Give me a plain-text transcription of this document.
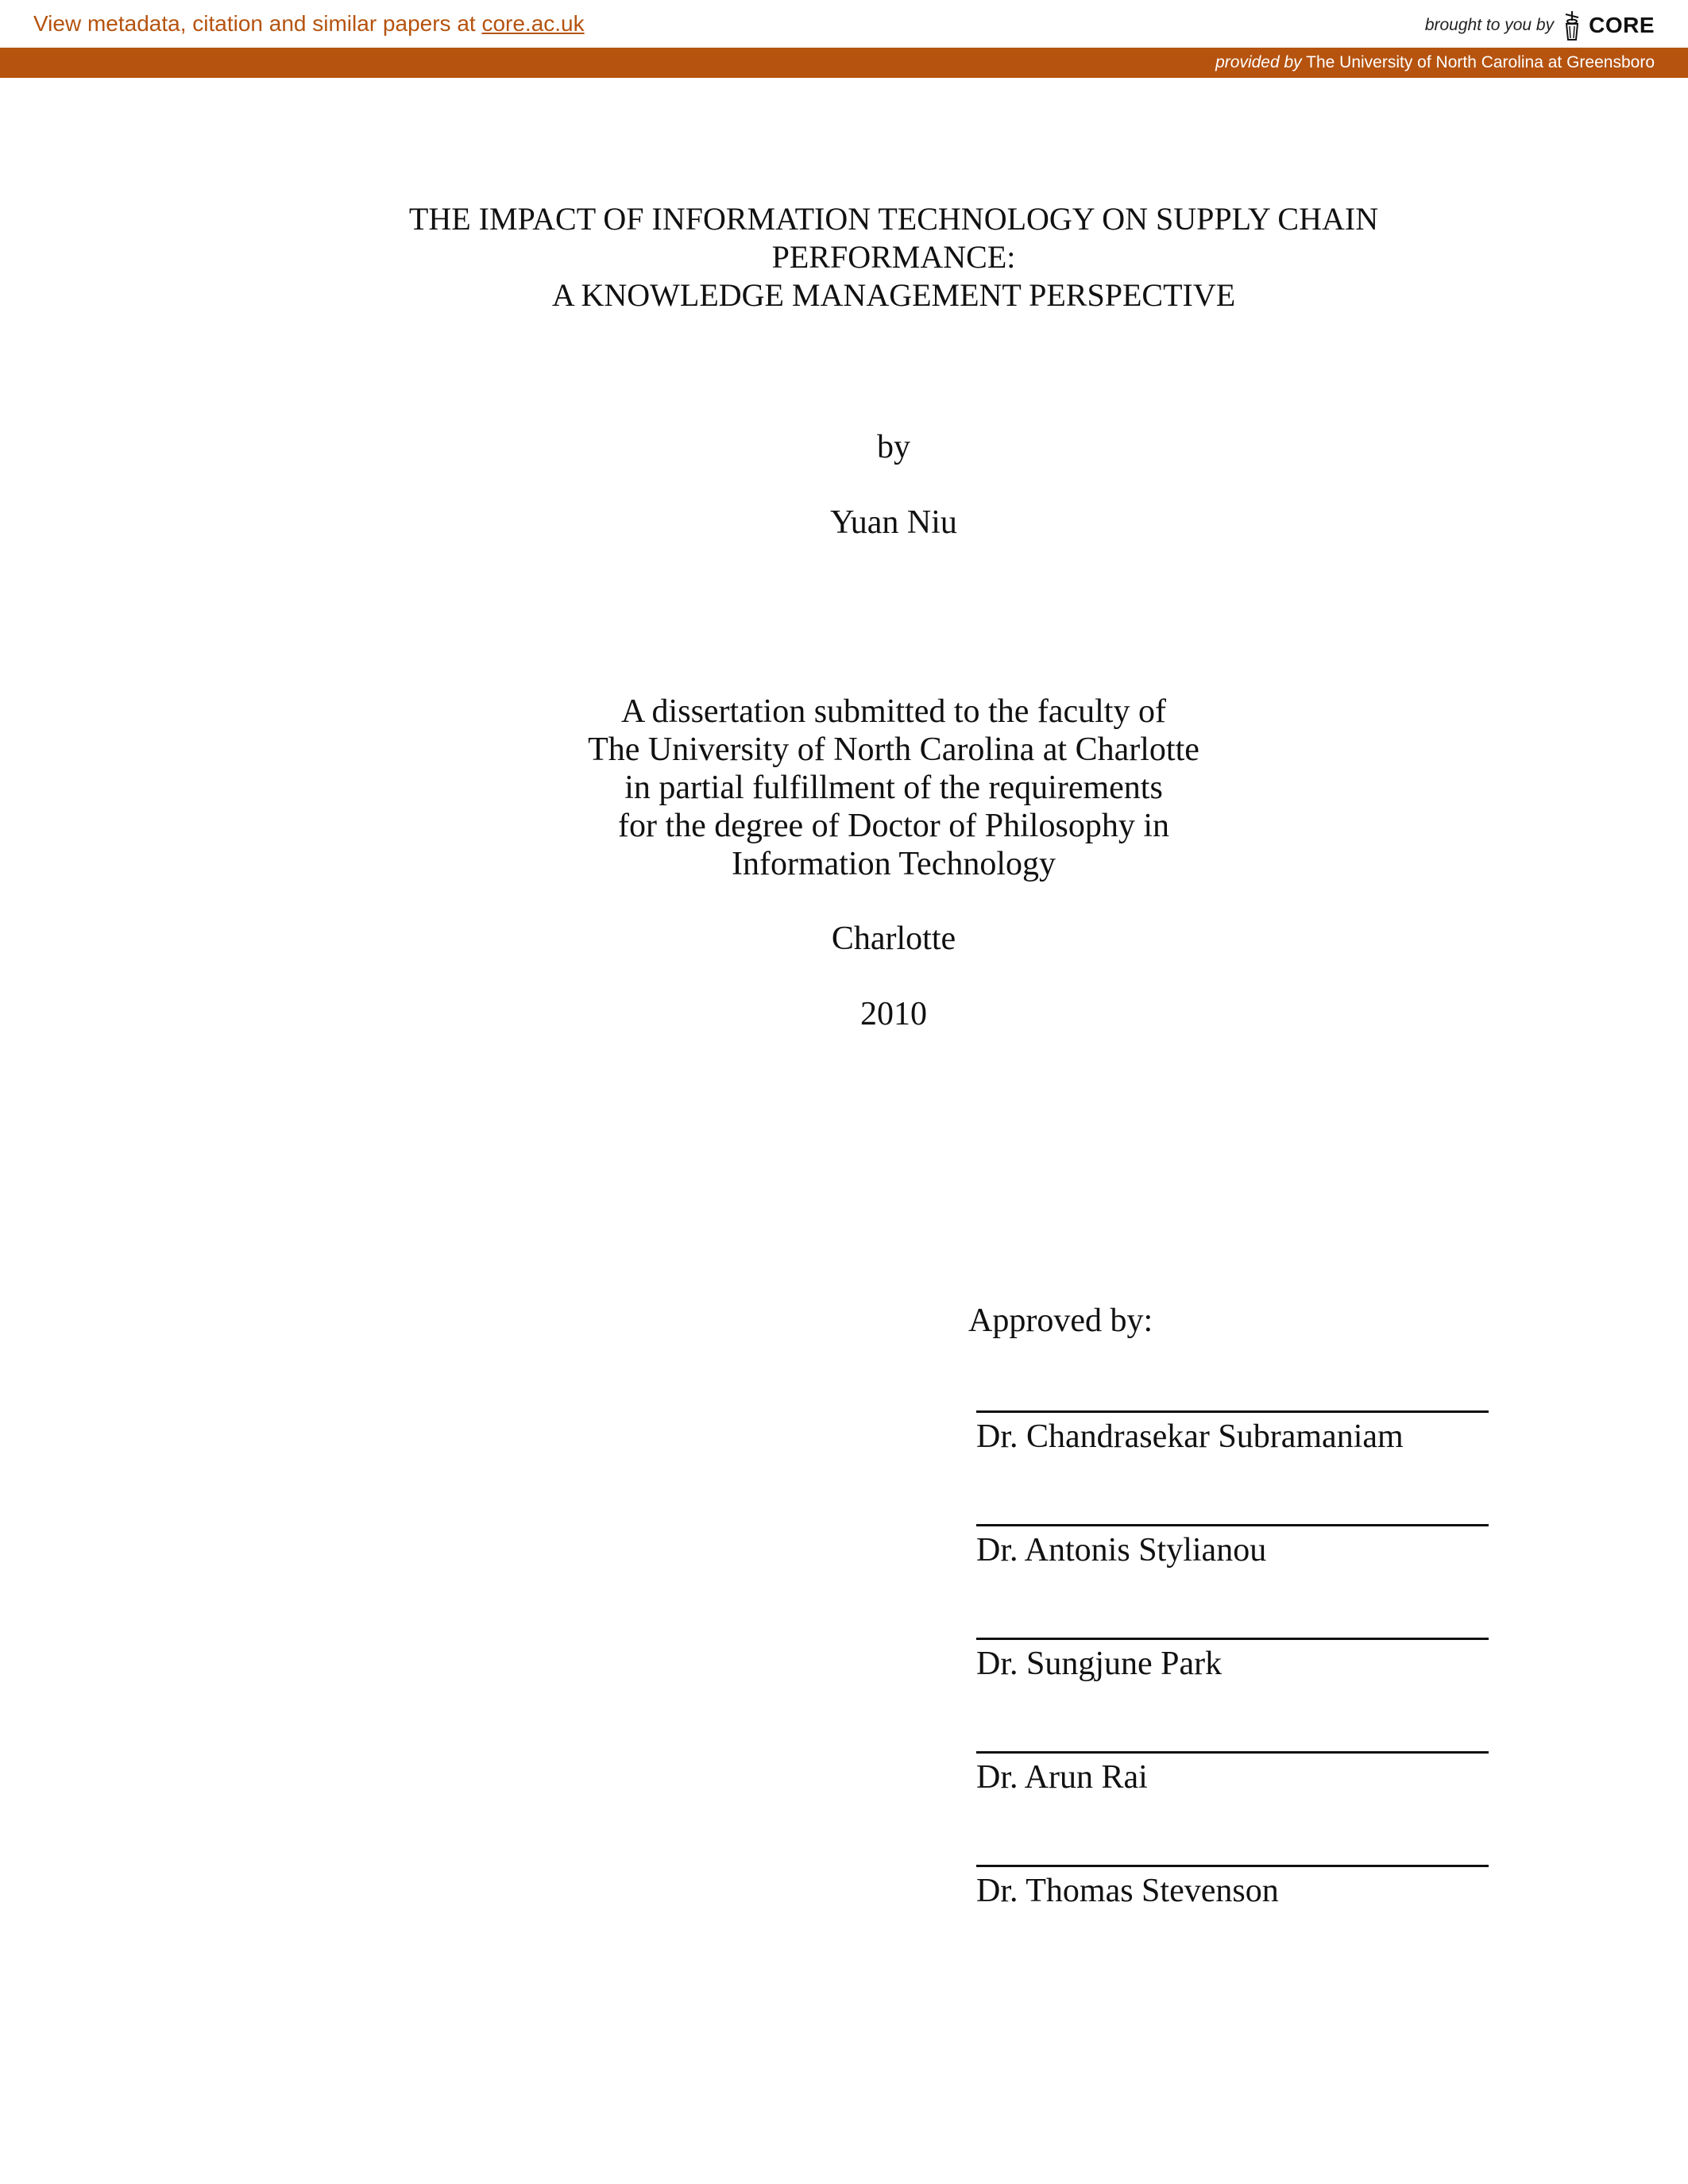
View metadata, citation and similar papers at core.ac.uk	brought to you by CORE
provided by The University of North Carolina at Greensboro
THE IMPACT OF INFORMATION TECHNOLOGY ON SUPPLY CHAIN
PERFORMANCE:
A KNOWLEDGE MANAGEMENT PERSPECTIVE
by
Yuan Niu
A dissertation submitted to the faculty of
The University of North Carolina at Charlotte
in partial fulfillment of the requirements
for the degree of Doctor of Philosophy in
Information Technology
Charlotte
2010
Approved by:
Dr. Chandrasekar Subramaniam
Dr. Antonis Stylianou
Dr. Sungjune Park
Dr. Arun Rai
Dr. Thomas Stevenson
